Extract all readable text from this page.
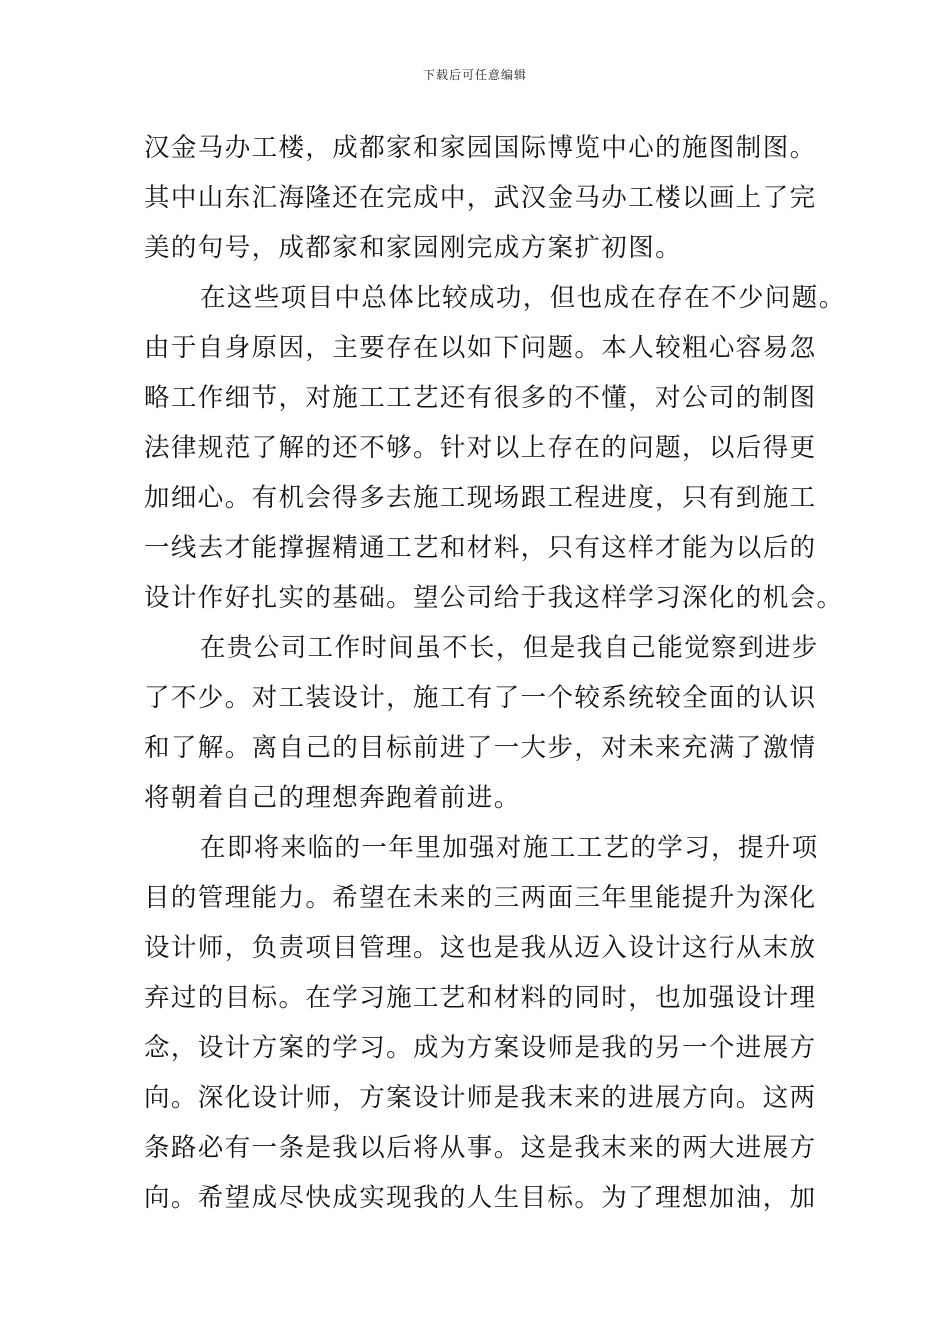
下载后可任意编辑
汉金马办工楼，成都家和家园国际博览中心的施图制图。
其中山东汇海隆还在完成中，武汉金马办工楼以画上了完
美的句号，成都家和家园刚完成方案扩初图。
在这些项目中总体比较成功，但也成在存在不少问题。
由于自身原因，主要存在以如下问题。本人较粗心容易忽
略工作细节，对施工工艺还有很多的不懂，对公司的制图
法律规范了解的还不够。针对以上存在的问题，以后得更
加细心。有机会得多去施工现场跟工程进度，只有到施工
一线去才能撑握精通工艺和材料，只有这样才能为以后的
设计作好扎实的基础。望公司给于我这样学习深化的机会。
在贵公司工作时间虽不长，但是我自己能觉察到进步
了不少。对工装设计，施工有了一个较系统较全面的认识
和了解。离自己的目标前进了一大步，对未来充满了激情
将朝着自己的理想奔跑着前进。
在即将来临的一年里加强对施工工艺的学习，提升项
目的管理能力。希望在未来的三两面三年里能提升为深化
设计师，负责项目管理。这也是我从迈入设计这行从末放
弃过的目标。在学习施工艺和材料的同时，也加强设计理
念，设计方案的学习。成为方案设师是我的另一个进展方
向。深化设计师，方案设计师是我末来的进展方向。这两
条路必有一条是我以后将从事。这是我末来的两大进展方
向。希望成尽快成实现我的人生目标。为了理想加油，加
